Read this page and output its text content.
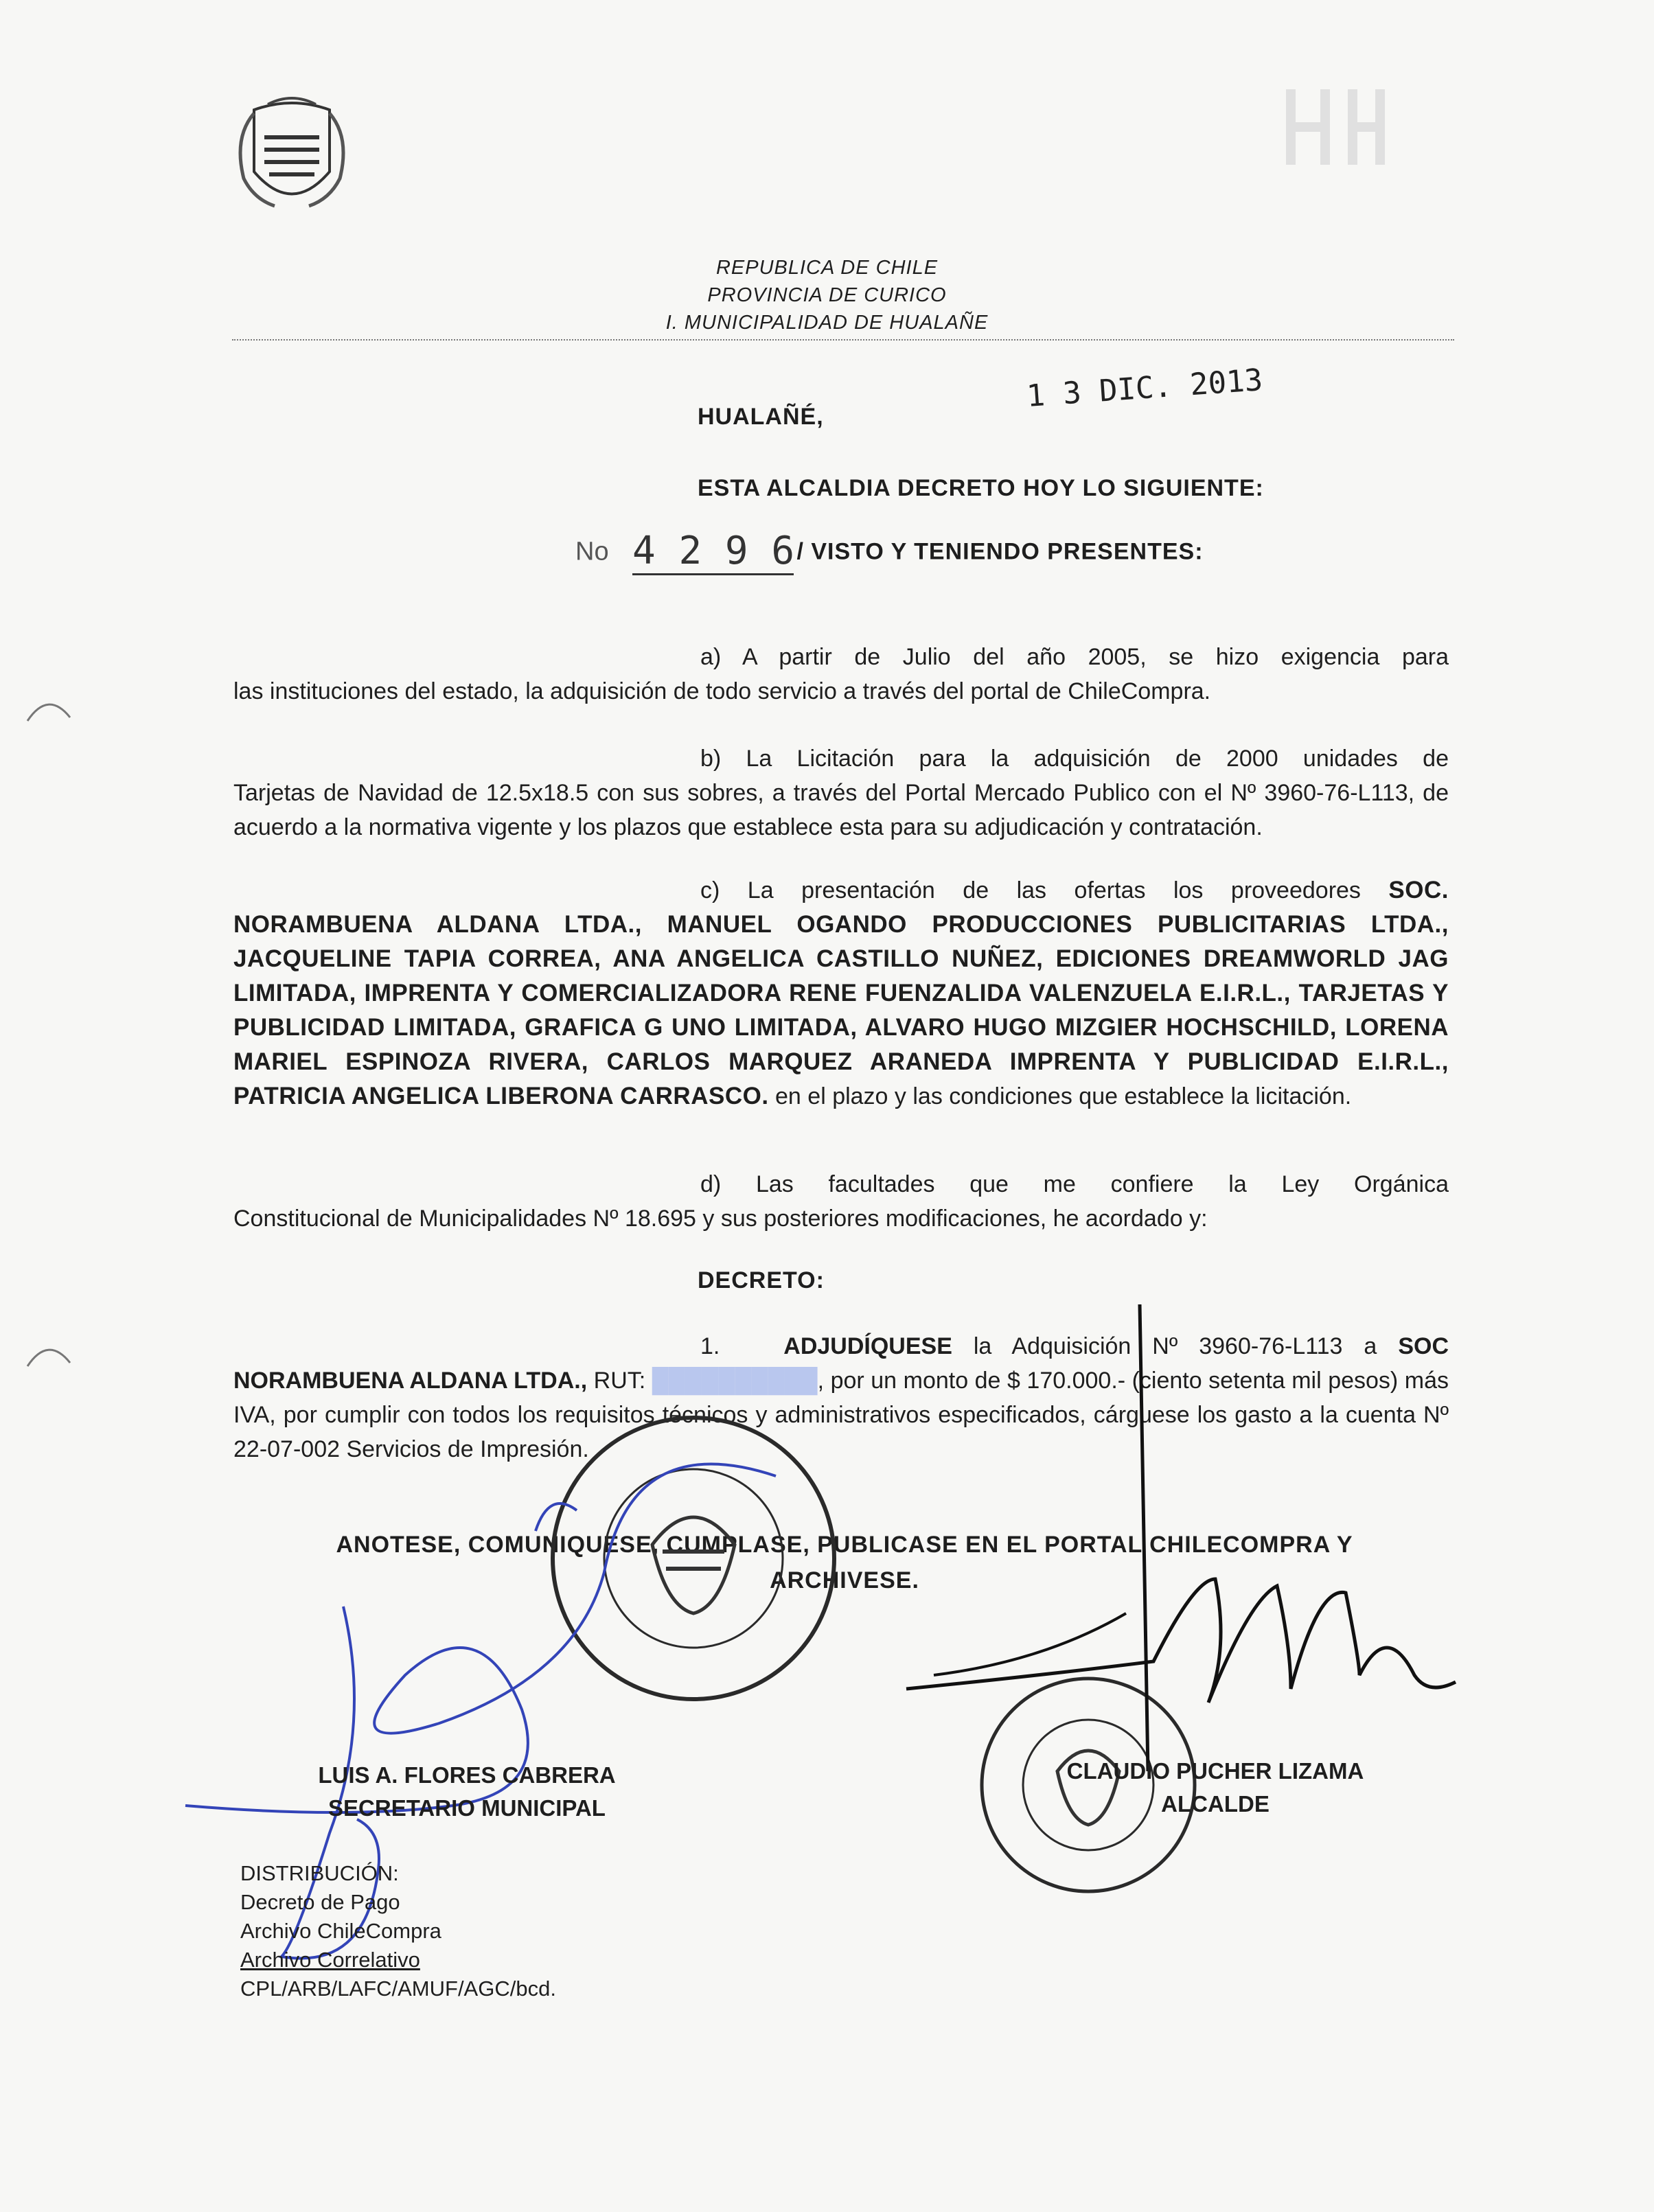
REPUBLICA DE CHILE
PROVINCIA DE CURICO
I. MUNICIPALIDAD DE HUALAÑE
1 3 DIC. 2013
HUALAÑÉ,
ESTA ALCALDIA DECRETO HOY LO SIGUIENTE:
No 4 2 9 6 / VISTO Y TENIENDO PRESENTES:

a) A partir de Julio del año 2005, se hizo exigencia para
las instituciones del estado, la adquisición de todo servicio a través del portal de ChileCompra.

b) La Licitación para la adquisición de 2000 unidades de
Tarjetas de Navidad de 12.5x18.5 con sus sobres, a través del Portal Mercado Publico con el Nº 3960-76-L113, de acuerdo a la normativa vigente y los plazos que establece esta para su adjudicación y contratación.

c) La presentación de las ofertas los proveedores SOC. NORAMBUENA ALDANA LTDA., MANUEL OGANDO PRODUCCIONES PUBLICITARIAS LTDA., JACQUELINE TAPIA CORREA, ANA ANGELICA CASTILLO NUÑEZ, EDICIONES DREAMWORLD JAG LIMITADA, IMPRENTA Y COMERCIALIZADORA RENE FUENZALIDA VALENZUELA E.I.R.L., TARJETAS Y PUBLICIDAD LIMITADA, GRAFICA G UNO LIMITADA, ALVARO HUGO MIZGIER HOCHSCHILD, LORENA MARIEL ESPINOZA RIVERA, CARLOS MARQUEZ ARANEDA IMPRENTA Y PUBLICIDAD E.I.R.L., PATRICIA ANGELICA LIBERONA CARRASCO. en el plazo y las condiciones que establece la licitación.

d) Las facultades que me confiere la Ley Orgánica
Constitucional de Municipalidades Nº 18.695 y sus posteriores modificaciones, he acordado y:

DECRETO:

1.	ADJUDÍQUESE la Adquisición Nº 3960-76-L113 a SOC NORAMBUENA ALDANA LTDA., RUT: ██████████, por un monto de $ 170.000.- (ciento setenta mil pesos) más IVA, por cumplir con todos los requisitos técnicos y administrativos especificados, cárguese los gasto a la cuenta Nº 22-07-002 Servicios de Impresión.

ANOTESE, COMUNIQUESE, CUMPLASE, PUBLICASE EN EL PORTAL CHILECOMPRA Y ARCHIVESE.
LUIS A. FLORES CABRERA
SECRETARIO MUNICIPAL
CLAUDIO PUCHER LIZAMA
ALCALDE
DISTRIBUCIÓN:
Decreto de Pago
Archivo ChileCompra
Archivo Correlativo
CPL/ARB/LAFC/AMUF/AGC/bcd.
